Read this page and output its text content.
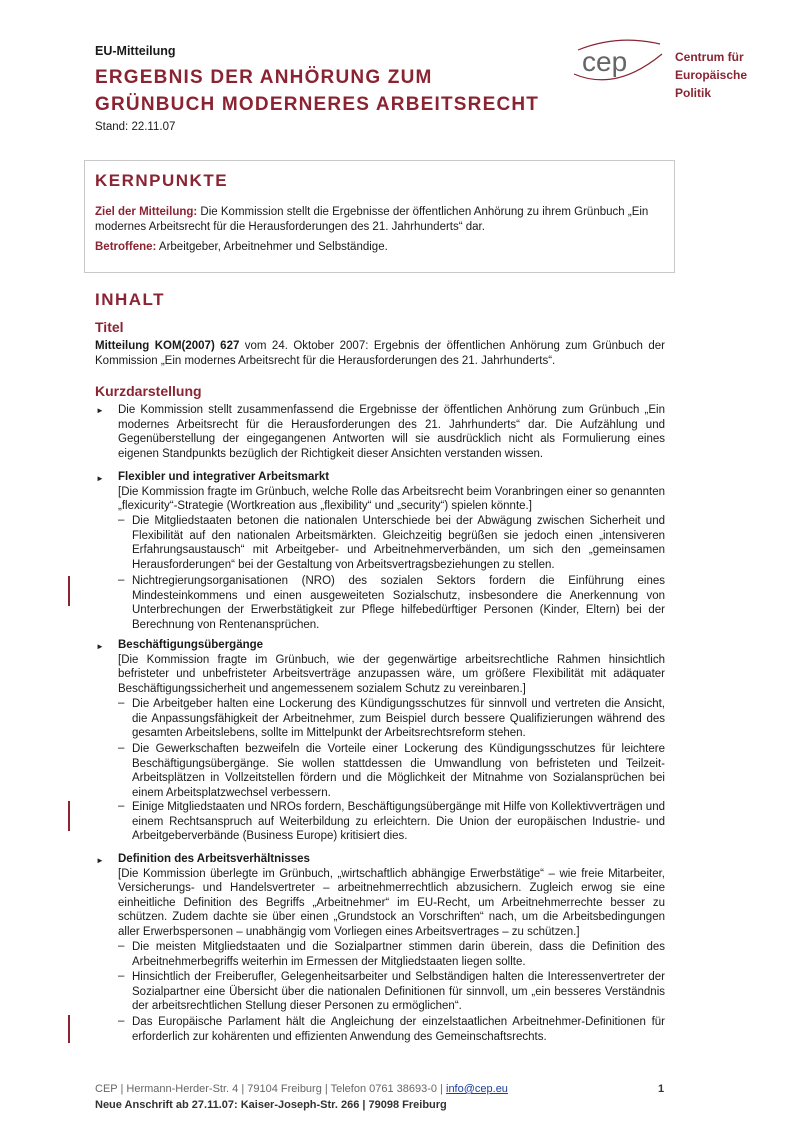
EU-Mitteilung
ERGEBNIS DER ANHÖRUNG ZUM
GRÜNBUCH MODERNERES ARBEITSRECHT
Stand: 22.11.07
cep	Centrum für
Europäische
Politik
KERNPUNKTE
Ziel der Mitteilung: Die Kommission stellt die Ergebnisse der öffentlichen Anhörung zu ihrem Grünbuch „Ein modernes Arbeitsrecht für die Herausforderungen des 21. Jahrhunderts“ dar.
Betroffene: Arbeitgeber, Arbeitnehmer und Selbständige.
INHALT
Titel
Mitteilung KOM(2007) 627 vom 24. Oktober 2007: Ergebnis der öffentlichen Anhörung zum Grünbuch der Kommission „Ein modernes Arbeitsrecht für die Herausforderungen des 21. Jahrhunderts“.
Kurzdarstellung
► Die Kommission stellt zusammenfassend die Ergebnisse der öffentlichen Anhörung zum Grünbuch „Ein modernes Arbeitsrecht für die Herausforderungen des 21. Jahrhunderts“ dar. Die Aufzählung und Gegenüberstellung der eingegangenen Antworten will sie ausdrücklich nicht als Formulierung eines eigenen Standpunkts bezüglich der Richtigkeit dieser Ansichten verstanden wissen.
► Flexibler und integrativer Arbeitsmarkt
[Die Kommission fragte im Grünbuch, welche Rolle das Arbeitsrecht beim Voranbringen einer so genannten „flexicurity“-Strategie (Wortkreation aus „flexibility“ und „security“) spielen könnte.]
– Die Mitgliedstaaten betonen die nationalen Unterschiede bei der Abwägung zwischen Sicherheit und Flexibilität auf den nationalen Arbeitsmärkten. Gleichzeitig begrüßen sie jedoch einen „intensiveren Erfahrungsaustausch“ mit Arbeitgeber- und Arbeitnehmerverbänden, um sich den „gemeinsamen Herausforderungen“ bei der Gestaltung von Arbeitsvertragsbeziehungen zu stellen.
– Nichtregierungsorganisationen (NRO) des sozialen Sektors fordern die Einführung eines Mindesteinkommens und einen ausgeweiteten Sozialschutz, insbesondere die Anerkennung von Unterbrechungen der Erwerbstätigkeit zur Pflege hilfebedürftiger Personen (Kinder, Eltern) bei der Berechnung von Rentenansprüchen.
► Beschäftigungsübergänge
[Die Kommission fragte im Grünbuch, wie der gegenwärtige arbeitsrechtliche Rahmen hinsichtlich befristeter und unbefristeter Arbeitsverträge anzupassen wäre, um größere Flexibilität mit adäquater Beschäftigungssicherheit und angemessenem sozialem Schutz zu vereinbaren.]
– Die Arbeitgeber halten eine Lockerung des Kündigungsschutzes für sinnvoll und vertreten die Ansicht, die Anpassungsfähigkeit der Arbeitnehmer, zum Beispiel durch bessere Qualifizierungen während des gesamten Arbeitslebens, sollte im Mittelpunkt der Arbeitsrechtsreform stehen.
– Die Gewerkschaften bezweifeln die Vorteile einer Lockerung des Kündigungsschutzes für leichtere Beschäftigungsübergänge. Sie wollen stattdessen die Umwandlung von befristeten und Teilzeit-Arbeitsplätzen in Vollzeitstellen fördern und die Möglichkeit der Mitnahme von Sozialansprüchen bei einem Arbeitsplatzwechsel verbessern.
– Einige Mitgliedstaaten und NROs fordern, Beschäftigungsübergänge mit Hilfe von Kollektivverträgen und einem Rechtsanspruch auf Weiterbildung zu erleichtern. Die Union der europäischen Industrie- und Arbeitgeberverbände (Business Europe) kritisiert dies.
► Definition des Arbeitsverhältnisses
[Die Kommission überlegte im Grünbuch, „wirtschaftlich abhängige Erwerbstätige“ – wie freie Mitarbeiter, Versicherungs- und Handelsvertreter – arbeitnehmerrechtlich abzusichern. Zugleich erwog sie eine einheitliche Definition des Begriffs „Arbeitnehmer“ im EU-Recht, um Arbeitnehmerrechte besser zu schützen. Zudem dachte sie über einen „Grundstock an Vorschriften“ nach, um die Arbeitsbedingungen aller Erwerbspersonen – unabhängig vom Vorliegen eines Arbeitsvertrages – zu schützen.]
– Die meisten Mitgliedstaaten und die Sozialpartner stimmen darin überein, dass die Definition des Arbeitnehmerbegriffs weiterhin im Ermessen der Mitgliedstaaten liegen sollte.
– Hinsichtlich der Freiberufler, Gelegenheitsarbeiter und Selbständigen halten die Interessenvertreter der Sozialpartner eine Übersicht über die nationalen Definitionen für sinnvoll, um „ein besseres Verständnis der arbeitsrechtlichen Stellung dieser Personen zu ermöglichen“.
– Das Europäische Parlament hält die Angleichung der einzelstaatlichen Arbeitnehmer-Definitionen für erforderlich zur kohärenten und effizienten Anwendung des Gemeinschaftsrechts.
CEP | Hermann-Herder-Str. 4 | 79104 Freiburg | Telefon 0761 38693-0 | info@cep.eu
Neue Anschrift ab 27.11.07: Kaiser-Joseph-Str. 266 | 79098 Freiburg
1
